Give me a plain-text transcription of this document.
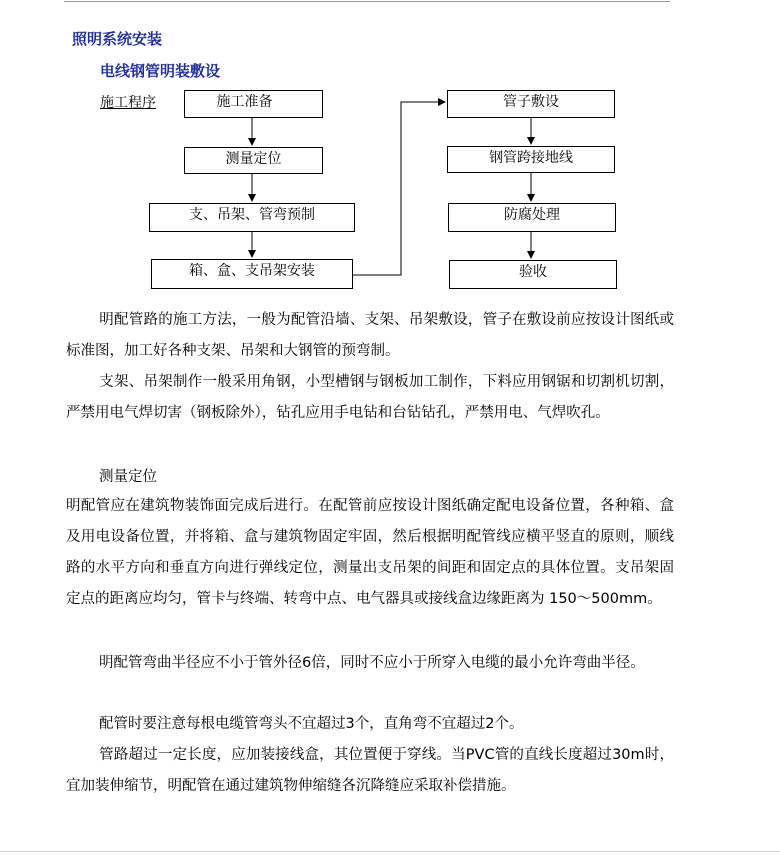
照明系统安装
电线钢管明装敷设
施工程序	施工准备
测量定位
支、吊架、管弯预制
箱、盒、支吊架安装
管子敷设
钢管跨接地线
防腐处理
验收
明配管路的施工方法，一般为配管沿墙、支架、吊架敷设，管子在敷设前应按设计图纸或标准图，加工好各种支架、吊架和大钢管的预弯制。
支架、吊架制作一般采用角钢，小型槽钢与钢板加工制作，下料应用钢锯和切割机切割，严禁用电气焊切害（钢板除外），钻孔应用手电钻和台钻钻孔，严禁用电、气焊吹孔。
测量定位
明配管应在建筑物装饰面完成后进行。在配管前应按设计图纸确定配电设备位置，各种箱、盒及用电设备位置，并将箱、盒与建筑物固定牢固，然后根据明配管线应横平竖直的原则，顺线路的水平方向和垂直方向进行弹线定位，测量出支吊架的间距和固定点的具体位置。支吊架固定点的距离应均匀，管卡与终端、转弯中点、电气器具或接线盒边缘距离为 150～500mm。
明配管弯曲半径应不小于管外径6倍，同时不应小于所穿入电缆的最小允许弯曲半径。
配管时要注意每根电缆管弯头不宜超过3个，直角弯不宜超过2个。
管路超过一定长度，应加装接线盒，其位置便于穿线。当PVC管的直线长度超过30m时，宜加装伸缩节，明配管在通过建筑物伸缩缝各沉降缝应采取补偿措施。
